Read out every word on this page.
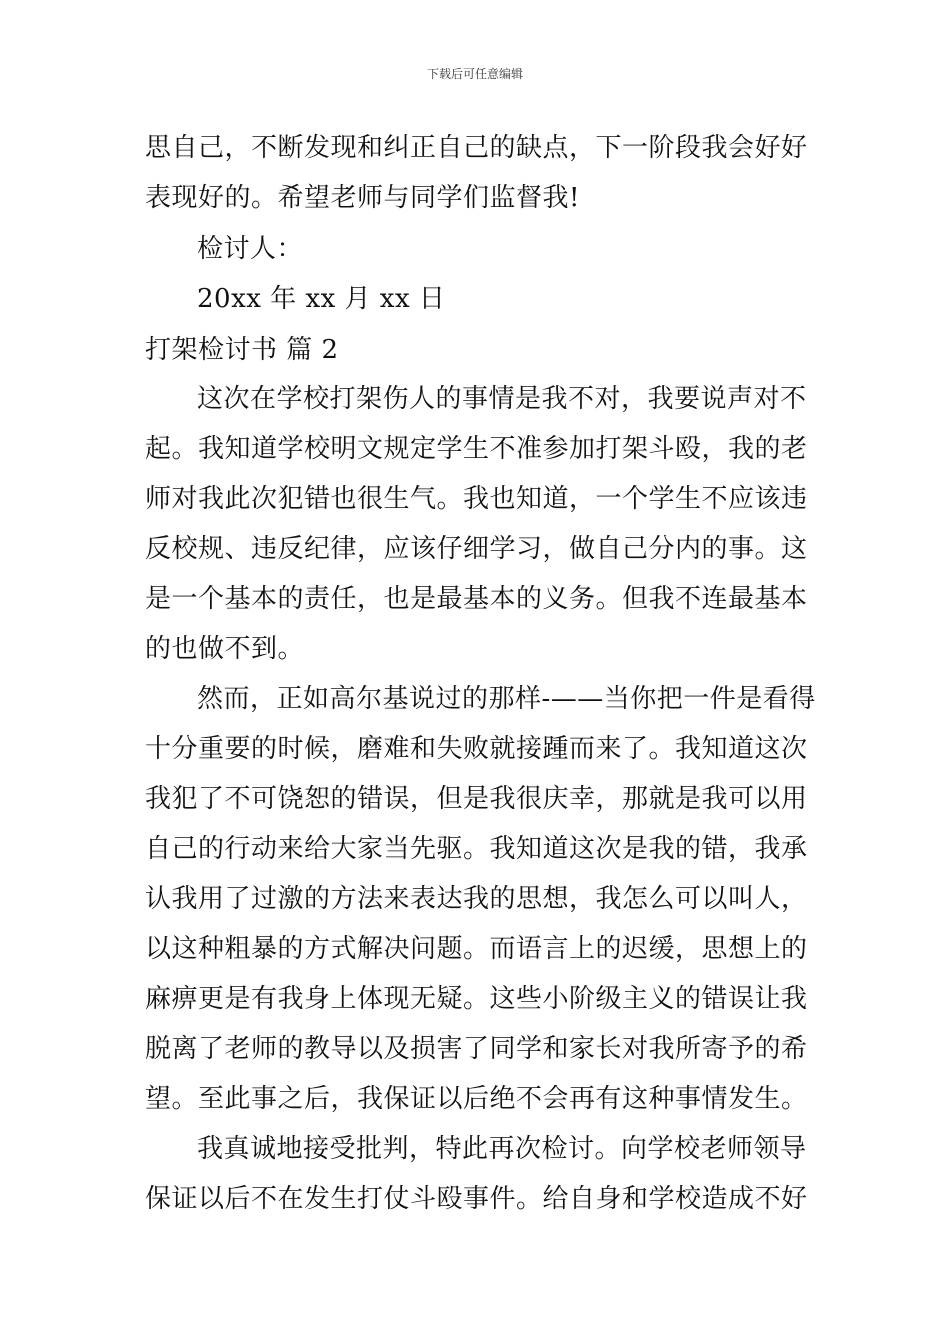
下载后可任意编辑
思自己，不断发现和纠正自己的缺点，下一阶段我会好好
表现好的。希望老师与同学们监督我!
检讨人：
20xx 年 xx 月 xx 日
打架检讨书 篇 2
这次在学校打架伤人的事情是我不对，我要说声对不
起。我知道学校明文规定学生不准参加打架斗殴，我的老
师对我此次犯错也很生气。我也知道，一个学生不应该违
反校规、违反纪律，应该仔细学习，做自己分内的事。这
是一个基本的责任，也是最基本的义务。但我不连最基本
的也做不到。
然而，正如高尔基说过的那样-——当你把一件是看得
十分重要的时候，磨难和失败就接踵而来了。我知道这次
我犯了不可饶恕的错误，但是我很庆幸，那就是我可以用
自己的行动来给大家当先驱。我知道这次是我的错，我承
认我用了过激的方法来表达我的思想，我怎么可以叫人，
以这种粗暴的方式解决问题。而语言上的迟缓，思想上的
麻痹更是有我身上体现无疑。这些小阶级主义的错误让我
脱离了老师的教导以及损害了同学和家长对我所寄予的希
望。至此事之后，我保证以后绝不会再有这种事情发生。
我真诚地接受批判，特此再次检讨。向学校老师领导
保证以后不在发生打仗斗殴事件。给自身和学校造成不好
